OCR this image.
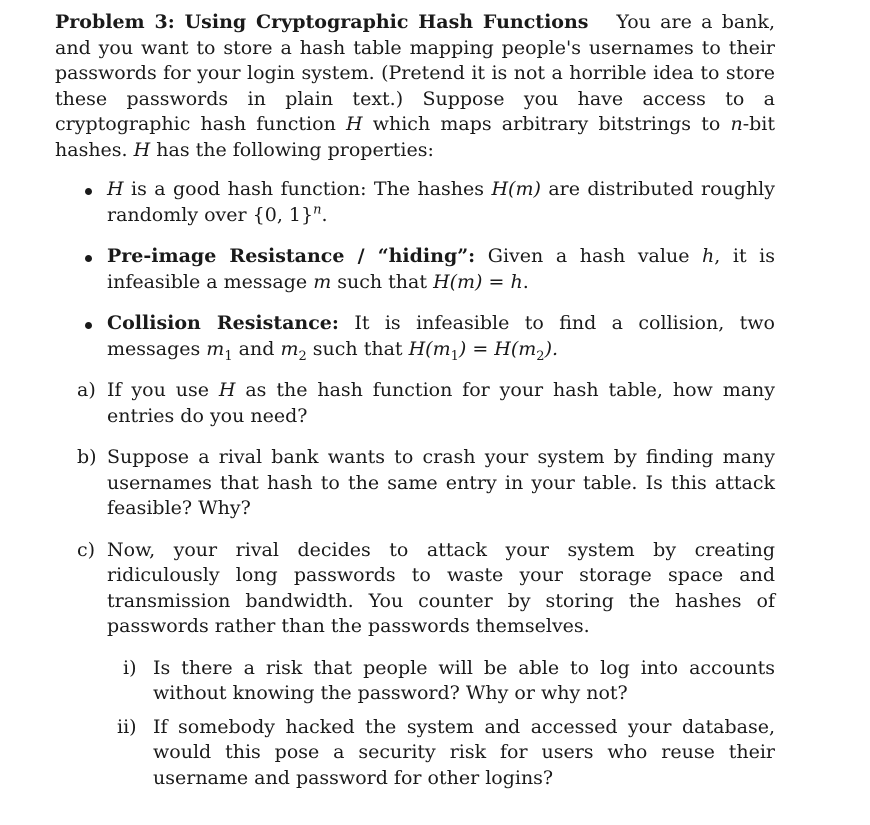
Problem 3: Using Cryptographic Hash Functions You are a bank, and you want to store a hash table mapping people's usernames to their passwords for your login system. (Pretend it is not a horrible idea to store these passwords in plain text.) Suppose you have access to a cryptographic hash function H which maps arbitrary bitstrings to n-bit hashes. H has the following properties:

H is a good hash function: The hashes H(m) are distributed roughly randomly over {0, 1}$^n$.
Pre-image Resistance / “hiding”: Given a hash value h, it is infeasible a message m such that H(m) = h.
Collision Resistance: It is infeasible to find a collision, two messages $m_1$ and $m_2$ such that $H(m_1) = H(m_2)$.
a) If you use H as the hash function for your hash table, how many entries do you need?
b) Suppose a rival bank wants to crash your system by finding many usernames that hash to the same entry in your table. Is this attack feasible? Why?
c) Now, your rival decides to attack your system by creating ridiculously long passwords to waste your storage space and transmission bandwidth. You counter by storing the hashes of passwords rather than the passwords themselves.
i) Is there a risk that people will be able to log into accounts without knowing the password? Why or why not?
ii) If somebody hacked the system and accessed your database, would this pose a security risk for users who reuse their username and password for other logins?
